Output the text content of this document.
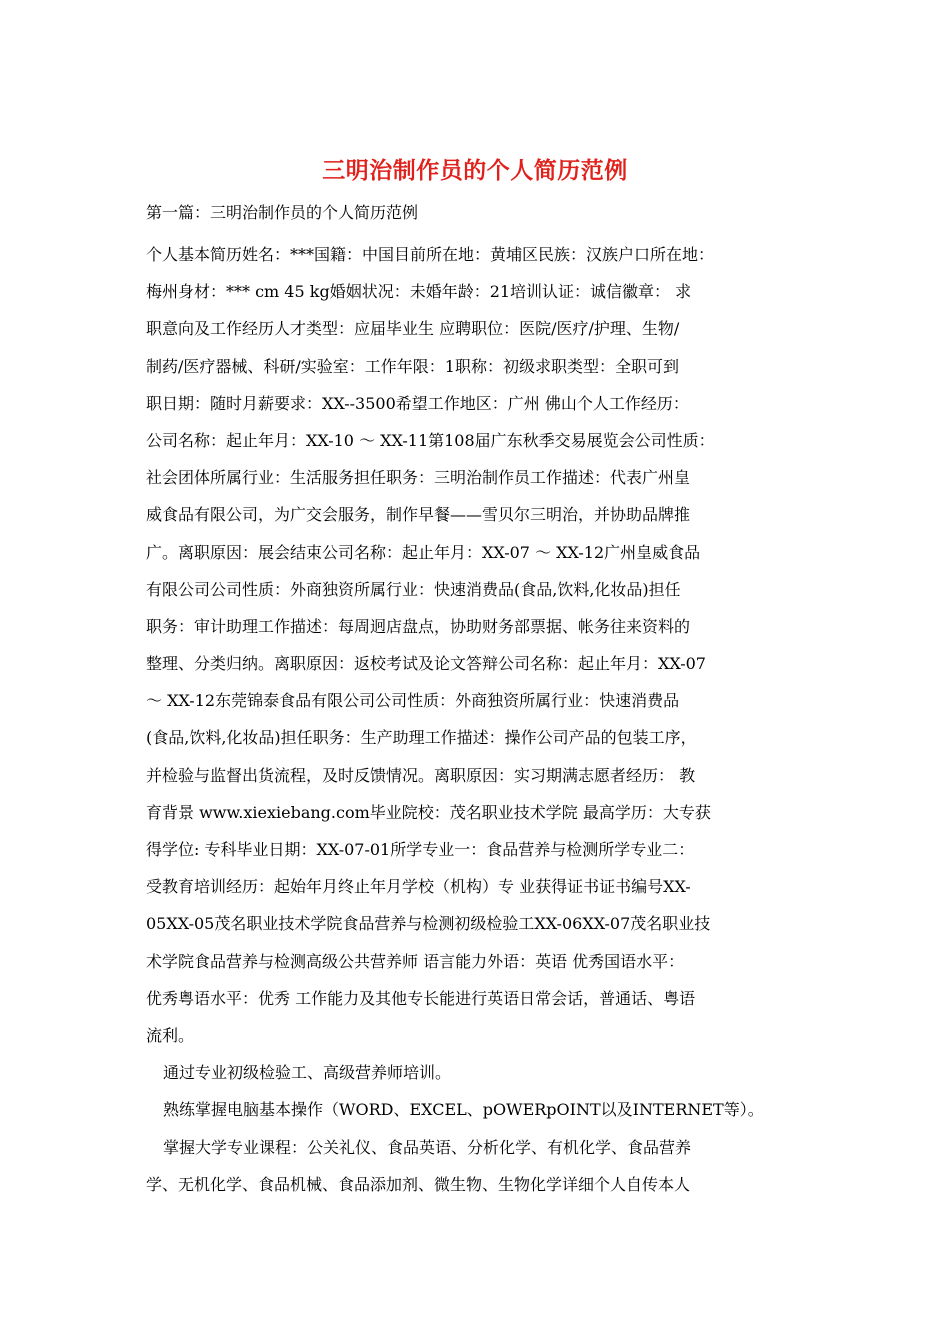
三明治制作员的个人简历范例
第一篇：三明治制作员的个人简历范例
个人基本简历姓名：***国籍：中国目前所在地：黄埔区民族：汉族户口所在地：
梅州身材：*** cm 45 kg婚姻状况：未婚年龄：21培训认证：诚信徽章： 求
职意向及工作经历人才类型：应届毕业生 应聘职位：医院/医疗/护理、生物/
制药/医疗器械、科研/实验室：工作年限：1职称：初级求职类型：全职可到
职日期：随时月薪要求：XX--3500希望工作地区：广州 佛山个人工作经历：
公司名称：起止年月：XX-10 ～ XX-11第108届广东秋季交易展览会公司性质：
社会团体所属行业：生活服务担任职务：三明治制作员工作描述：代表广州皇
威食品有限公司，为广交会服务，制作早餐——雪贝尔三明治，并协助品牌推
广。离职原因：展会结束公司名称：起止年月：XX-07 ～ XX-12广州皇威食品
有限公司公司性质：外商独资所属行业：快速消费品(食品,饮料,化妆品)担任
职务：审计助理工作描述：每周迥店盘点，协助财务部票据、帐务往来资料的
整理、分类归纳。离职原因：返校考试及论文答辩公司名称：起止年月：XX-07
～ XX-12东莞锦泰食品有限公司公司性质：外商独资所属行业：快速消费品
(食品,饮料,化妆品)担任职务：生产助理工作描述：操作公司产品的包装工序，
并检验与监督出货流程，及时反馈情况。离职原因：实习期满志愿者经历： 教
育背景 www.xiexiebang.com毕业院校：茂名职业技术学院 最高学历：大专获
得学位: 专科毕业日期：XX-07-01所学专业一：食品营养与检测所学专业二：
受教育培训经历：起始年月终止年月学校（机构）专 业获得证书证书编号XX-
05XX-05茂名职业技术学院食品营养与检测初级检验工XX-06XX-07茂名职业技
术学院食品营养与检测高级公共营养师 语言能力外语：英语 优秀国语水平：
优秀粤语水平：优秀 工作能力及其他专长能进行英语日常会话，普通话、粤语
流利。
通过专业初级检验工、高级营养师培训。
熟练掌握电脑基本操作（WORD、EXCEL、pOWERpOINT以及INTERNET等）。
掌握大学专业课程：公关礼仪、食品英语、分析化学、有机化学、食品营养
学、无机化学、食品机械、食品添加剂、微生物、生物化学详细个人自传本人
